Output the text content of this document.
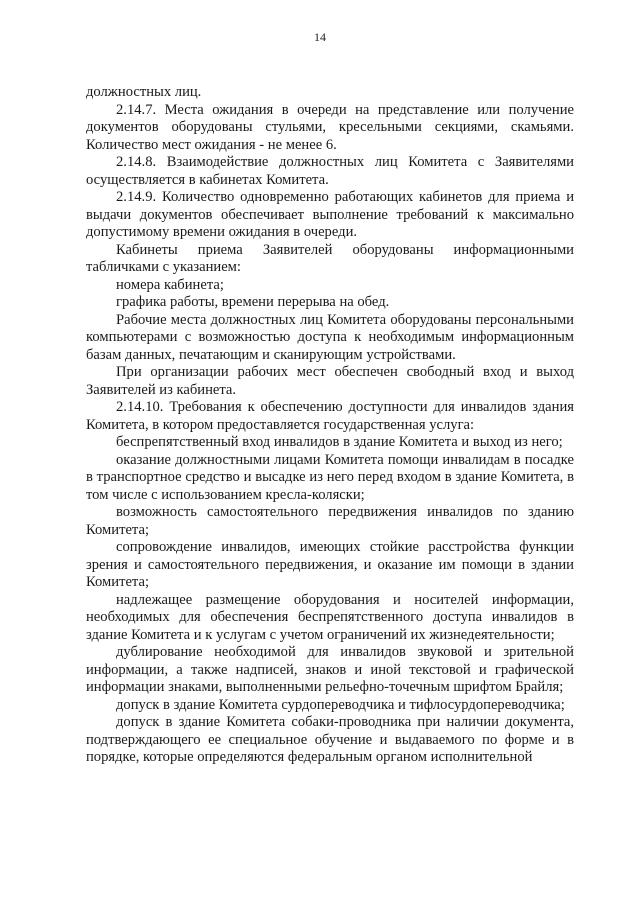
14

должностных лиц.

2.14.7. Места ожидания в очереди на представление или получение документов оборудованы стульями, кресельными секциями, скамьями. Количество мест ожидания - не менее 6.

2.14.8. Взаимодействие должностных лиц Комитета с Заявителями осуществляется в кабинетах Комитета.

2.14.9. Количество одновременно работающих кабинетов для приема и выдачи документов обеспечивает выполнение требований к максимально допустимому времени ожидания в очереди.

Кабинеты приема Заявителей оборудованы информационными табличками с указанием:

номера кабинета;

графика работы, времени перерыва на обед.

Рабочие места должностных лиц Комитета оборудованы персональными компьютерами с возможностью доступа к необходимым информационным базам данных, печатающим и сканирующим устройствами.

При организации рабочих мест обеспечен свободный вход и выход Заявителей из кабинета.

2.14.10. Требования к обеспечению доступности для инвалидов здания Комитета, в котором предоставляется государственная услуга:

беспрепятственный вход инвалидов в здание Комитета и выход из него;

оказание должностными лицами Комитета помощи инвалидам в посадке в транспортное средство и высадке из него перед входом в здание Комитета, в том числе с использованием кресла-коляски;

возможность самостоятельного передвижения инвалидов по зданию Комитета;

сопровождение инвалидов, имеющих стойкие расстройства функции зрения и самостоятельного передвижения, и оказание им помощи в здании Комитета;

надлежащее размещение оборудования и носителей информации, необходимых для обеспечения беспрепятственного доступа инвалидов в здание Комитета и к услугам с учетом ограничений их жизнедеятельности;

дублирование необходимой для инвалидов звуковой и зрительной информации, а также надписей, знаков и иной текстовой и графической информации знаками, выполненными рельефно-точечным шрифтом Брайля;

допуск в здание Комитета сурдопереводчика и тифлосурдопереводчика;

допуск в здание Комитета собаки-проводника при наличии документа, подтверждающего ее специальное обучение и выдаваемого по форме и в порядке, которые определяются федеральным органом исполнительной
